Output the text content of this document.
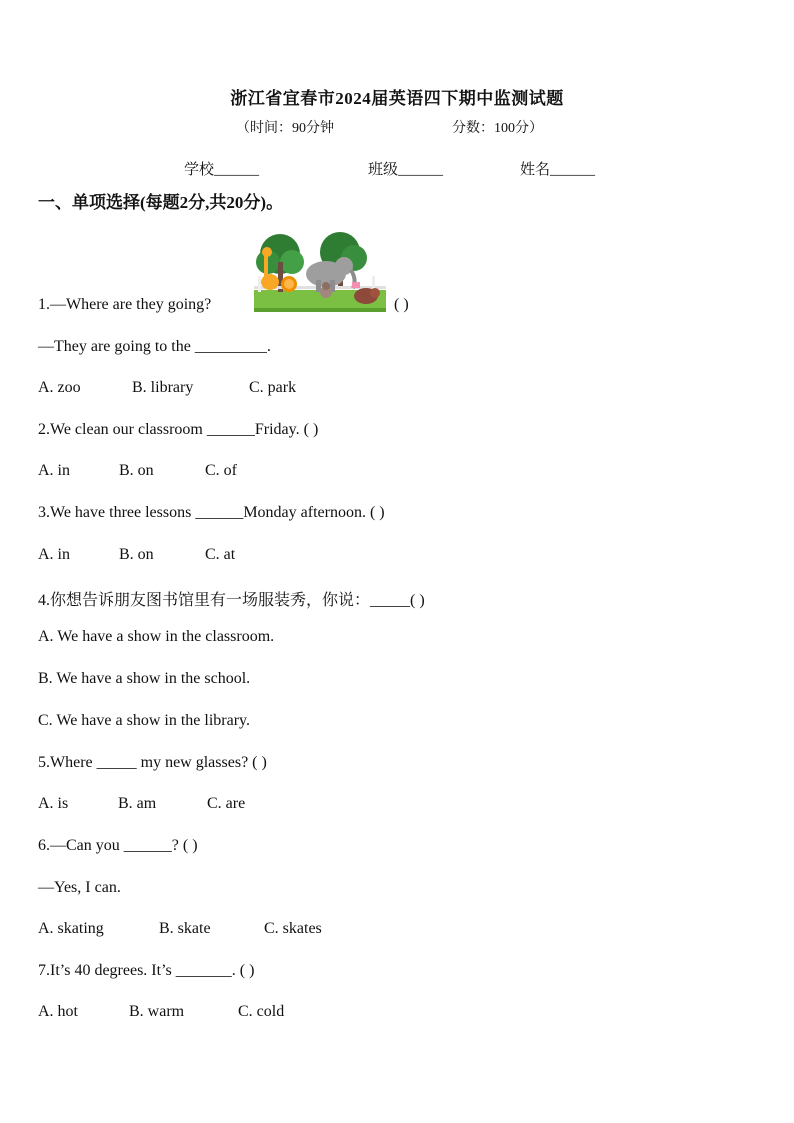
浙江省宜春市2024届英语四下期中监测试题
（时间：90分钟	分数：100分）
学校______	班级______	姓名______
一、单项选择(每题2分,共20分)。
1.—Where are they going?	( )
—They are going to the _________.
A. zoo	B. library	C. park
2.We clean our classroom ______Friday. ( )
A. in	B. on	C. of
3.We have three lessons ______Monday afternoon. ( )
A. in	B. on	C. at
4.你想告诉朋友图书馆里有一场服装秀，你说：_____( )
A. We have a show in the classroom.
B. We have a show in the school.
C. We have a show in the library.
5.Where _____ my new glasses? ( )
A. is	B. am	C. are
6.—Can you ______? ( )
—Yes, I can.
A. skating	B. skate	C. skates
7.It’s 40 degrees. It’s _______. ( )
A. hot	B. warm	C. cold
